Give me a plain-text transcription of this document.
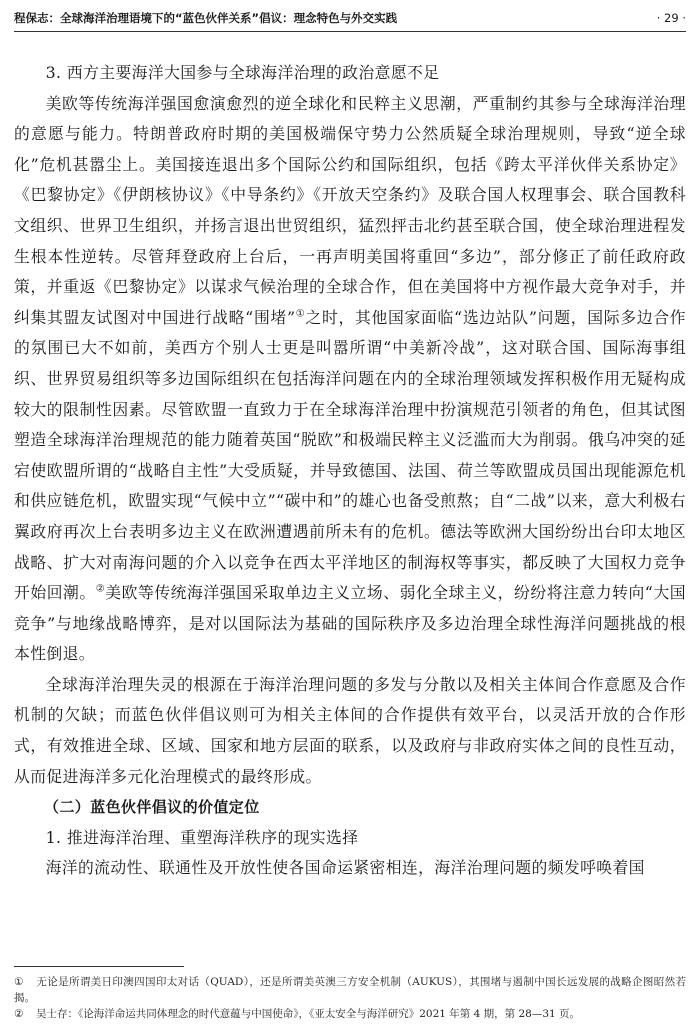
程保志：全球海洋治理语境下的“蓝色伙伴关系”倡议：理念特色与外交实践	· 29 ·

3. 西方主要海洋大国参与全球海洋治理的政治意愿不足

美欧等传统海洋强国愈演愈烈的逆全球化和民粹主义思潮，严重制约其参与全球海洋治理的意愿与能力。特朗普政府时期的美国极端保守势力公然质疑全球治理规则，导致“逆全球化”危机甚嚣尘上。美国接连退出多个国际公约和国际组织，包括《跨太平洋伙伴关系协定》《巴黎协定》《伊朗核协议》《中导条约》《开放天空条约》及联合国人权理事会、联合国教科文组织、世界卫生组织，并扬言退出世贸组织，猛烈抨击北约甚至联合国，使全球治理进程发生根本性逆转。尽管拜登政府上台后，一再声明美国将重回“多边”，部分修正了前任政府政策，并重返《巴黎协定》以谋求气候治理的全球合作，但在美国将中方视作最大竞争对手，并纠集其盟友试图对中国进行战略“围堵”①之时，其他国家面临“选边站队”问题，国际多边合作的氛围已大不如前，美西方个别人士更是叫嚣所谓“中美新冷战”，这对联合国、国际海事组织、世界贸易组织等多边国际组织在包括海洋问题在内的全球治理领域发挥积极作用无疑构成较大的限制性因素。尽管欧盟一直致力于在全球海洋治理中扮演规范引领者的角色，但其试图塑造全球海洋治理规范的能力随着英国“脱欧”和极端民粹主义泛滥而大为削弱。俄乌冲突的延宕使欧盟所谓的“战略自主性”大受质疑，并导致德国、法国、荷兰等欧盟成员国出现能源危机和供应链危机，欧盟实现“气候中立”“碳中和”的雄心也备受煎熬；自“二战”以来，意大利极右翼政府再次上台表明多边主义在欧洲遭遇前所未有的危机。德法等欧洲大国纷纷出台印太地区战略、扩大对南海问题的介入以竞争在西太平洋地区的制海权等事实，都反映了大国权力竞争开始回潮。②美欧等传统海洋强国采取单边主义立场、弱化全球主义，纷纷将注意力转向“大国竞争”与地缘战略博弈，是对以国际法为基础的国际秩序及多边治理全球性海洋问题挑战的根本性倒退。

全球海洋治理失灵的根源在于海洋治理问题的多发与分散以及相关主体间合作意愿及合作机制的欠缺；而蓝色伙伴倡议则可为相关主体间的合作提供有效平台，以灵活开放的合作形式，有效推进全球、区域、国家和地方层面的联系，以及政府与非政府实体之间的良性互动，从而促进海洋多元化治理模式的最终形成。

（二）蓝色伙伴倡议的价值定位

1. 推进海洋治理、重塑海洋秩序的现实选择

海洋的流动性、联通性及开放性使各国命运紧密相连，海洋治理问题的频发呼唤着国

① 无论是所谓美日印澳四国印太对话（QUAD），还是所谓美英澳三方安全机制（AUKUS），其围堵与遏制中国长远发展的战略企图昭然若揭。

② 吴士存：《论海洋命运共同体理念的时代意蕴与中国使命》，《亚太安全与海洋研究》2021 年第 4 期，第 28—31 页。
